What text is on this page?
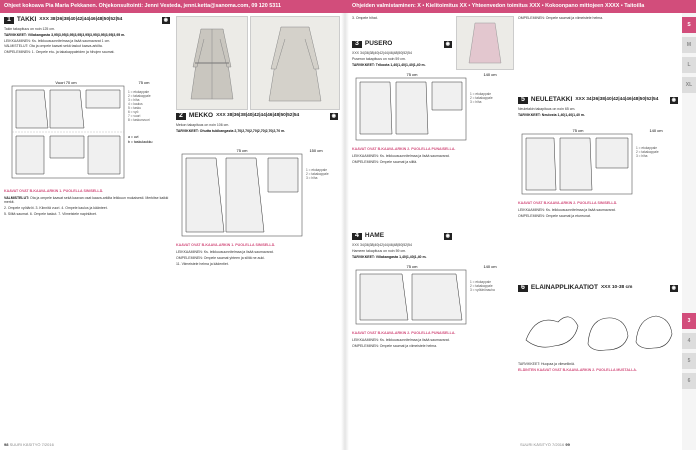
Ohjeet kokoava Pia Maria Pekkanen. Ohjekonsultointi: Jenni Vesteda, jenni.ketta@sanoma.com, 09 120 5311	Ohjeiden valmistaminen: X • Kielitoimitus XX • Yhteenvedon toimitus XXX • Kokoonpano mittojeen XXXX • Taitoilla
S
M
L
XL
3
4
5
6
1 TAKKI XXX 38|36|38|40|42|44|46|48|50|52|54	◉

Takin takapituus on noin 125 cm.

TARVIKKEET: Villakangasta 3,95|3,95|3,95|3,95|3,95|3,95|3,95|3,95|3,95 m.

LEIKKAAMINEN: Ks. leikkuusuunnitelmaa ja lisää saumavarat 1 cm.

VALMISTELUT: Ota ja ompele kaavat sekä taskut kaava-arkilta.

OMPELEMINEN: 1. Ompele etu- ja takakappaleiden ja hihojen saumat.

Vuori 70 cm	75 cm
a = uvi
b = taskulaukku
1 = etukappale
2 = takakappale
3 = hiha
4 = kaulus
5 = tasku
6 = vyö
7 = vuori
8 = taskunvuori
KAAVAT OVAT B-KAAVA-ARKIN 1. PUOLELLA SINISELLÄ.

VALMISTELUT: Ota ja ompele kaavat sekä kaavan osat kaava-arkilta leikkuun mukaisesti. Merkitse kaikki merkit.

2. Ompele vyötäröt. 3. Kiinnitä vuori. 4. Ompele kaulus ja käänteet.

5. Silitä saumat. 6. Ompele taskut. 7. Viimeistele napinlävet.

2 MEKKO XXX 38|36|38|40|42|44|46|48|50|52|54	◉

Mekon takapituus on noin 106 cm.

TARVIKKEET: Ohutta tukikangasta 2,70|2,70|2,70|2,70|2,70|2,70 m.

75 cm	150 cm
1 = etukappale
2 = takakappale
3 = hiha
KAAVAT OVAT B-KAAVA-ARKIN 1. PUOLELLA SINISELLÄ.

LEIKKAAMINEN: Ks. leikkuusuunnitelmaa ja lisää saumavarat.

OMPELEMINEN: Ompele saumat yhteen ja silitä ne auki.

11. Viimeistele helma ja kädentiet.

98 SUURI KÄSITYÖ 7/2016

3. Ompele hihat.

3 PUSERO	◉

XXX 34|36|38|40|42|44|46|48|50|52|54

Puseron takapituus on noin 59 cm.

TARVIKKEET: Trikoota 1,40|1,40|1,40|1,40 m.

75 cm	140 cm
1 = etukappale
2 = takakappale
3 = hiha
KAAVAT OVAT B-KAAVA-ARKIN 2. PUOLELLA PUNAISELLA.

LEIKKAAMINEN: Ks. leikkuusuunnitelmaa ja lisää saumavarat.

OMPELEMINEN: Ompele saumat ja silitä.

4 HAME	◉

XXX 34|36|38|40|42|44|46|48|50|52|54

Hameen takapituus on noin 59 cm.

TARVIKKEET: Villakangasta 1,40|1,40|1,40 m.

75 cm	140 cm
1 = etukappale
2 = takakappale
3 = vyötärönauha
KAAVAT OVAT B-KAAVA-ARKIN 2. PUOLELLA PUNAISELLA.

LEIKKAAMINEN: Ks. leikkuusuunnitelmaa ja lisää saumavarat.

OMPELEMINEN: Ompele saumat ja viimeistele helma.

OMPELEMINEN: Ompele saumat ja viimeistele helma.

5 NEULETAKKI XXX 34|36|38|40|42|44|46|48|50|52|54	◉

Neuletakin takapituus on noin 65 cm.

TARVIKKEET: Neulosta 1,40|1,40|1,40 m.

75 cm	140 cm
1 = etukappale
2 = takakappale
3 = hiha
KAAVAT OVAT B-KAAVA-ARKIN 2. PUOLELLA SINISELLÄ.

LEIKKAAMINEN: Ks. leikkuusuunnitelmaa ja lisää saumavarat.

OMPELEMINEN: Ompele saumat ja etureunat.

6 ELÄINAPPLIKAATIOT XXX 10-38 cm	◉

TARVIKKEET: Huopaa ja vlieseliiniä.

ELÄINTEN KAAVAT OVAT B-KAAVA-ARKIN 2. PUOLELLA MUSTALLA.

SUURI KÄSITYÖ 7/2016 99
